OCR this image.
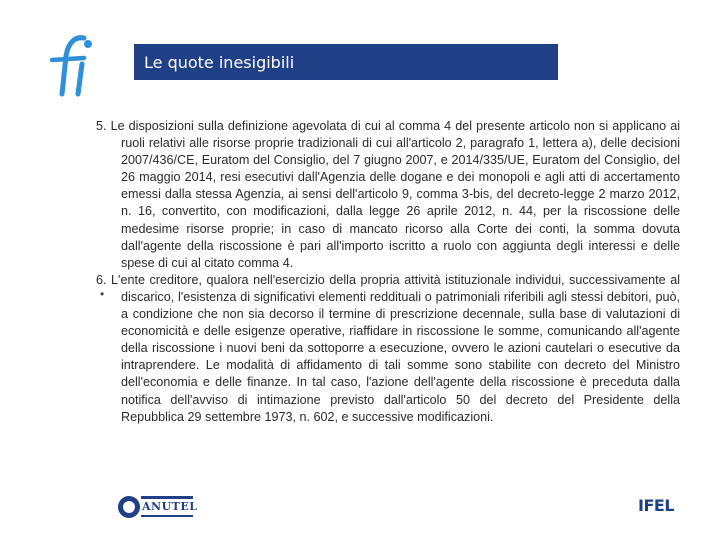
Le quote inesigibili

5. Le disposizioni sulla definizione agevolata di cui al comma 4 del presente articolo non si applicano ai ruoli relativi alle risorse proprie tradizionali di cui all'articolo 2, paragrafo 1, lettera a), delle decisioni 2007/436/CE, Euratom del Consiglio, del 7 giugno 2007, e 2014/335/UE, Euratom del Consiglio, del 26 maggio 2014, resi esecutivi dall'Agenzia delle dogane e dei monopoli e agli atti di accertamento emessi dalla stessa Agenzia, ai sensi dell'articolo 9, comma 3-bis, del decreto-legge 2 marzo 2012, n. 16, convertito, con modificazioni, dalla legge 26 aprile 2012, n. 44, per la riscossione delle medesime risorse proprie; in caso di mancato ricorso alla Corte dei conti, la somma dovuta dall'agente della riscossione è pari all'importo iscritto a ruolo con aggiunta degli interessi e delle spese di cui al citato comma 4.

6. L'ente creditore, qualora nell'esercizio della propria attività istituzionale individui, successivamente al discarico, l'esistenza di significativi elementi reddituali o patrimoniali riferibili agli stessi debitori, può, a condizione che non sia decorso il termine di prescrizione decennale, sulla base di valutazioni di economicità e delle esigenze operative, riaffidare in riscossione le somme, comunicando all'agente della riscossione i nuovi beni da sottoporre a esecuzione, ovvero le azioni cautelari o esecutive da intraprendere. Le modalità di affidamento di tali somme sono stabilite con decreto del Ministro dell'economia e delle finanze. In tal caso, l'azione dell'agente della riscossione è preceduta dalla notifica dell'avviso di intimazione previsto dall'articolo 50 del decreto del Presidente della Repubblica 29 settembre 1973, n. 602, e successive modificazioni.

•
ANUTEL	IFEL
